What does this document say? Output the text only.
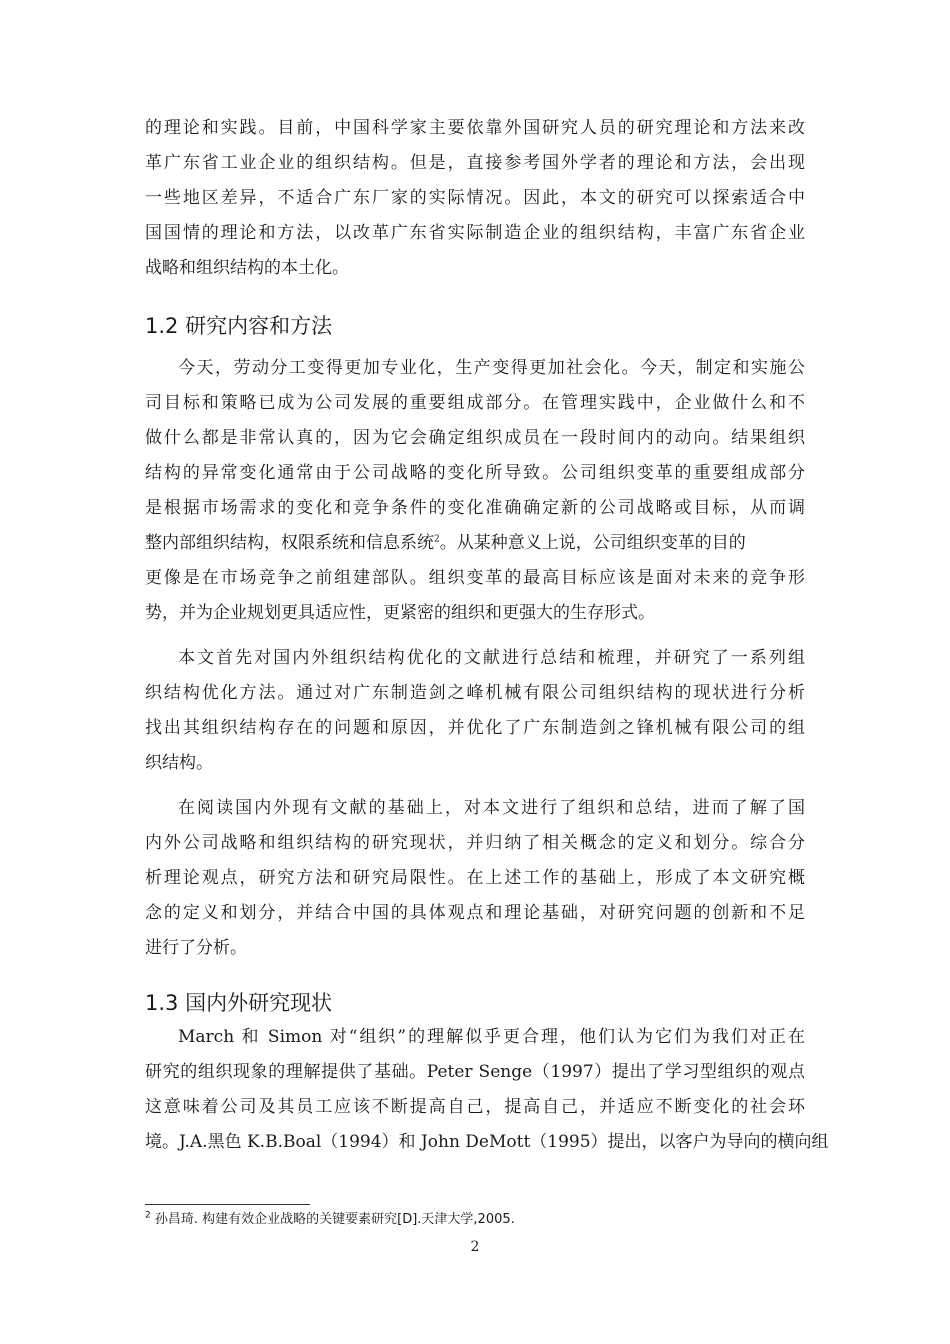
的理论和实践。目前，中国科学家主要依靠外国研究人员的研究理论和方法来改
革广东省工业企业的组织结构。但是，直接参考国外学者的理论和方法，会出现
一些地区差异，不适合广东厂家的实际情况。因此，本文的研究可以探索适合中
国国情的理论和方法，以改革广东省实际制造企业的组织结构，丰富广东省企业
战略和组织结构的本土化。
1.2 研究内容和方法
今天，劳动分工变得更加专业化，生产变得更加社会化。今天，制定和实施公
司目标和策略已成为公司发展的重要组成部分。在管理实践中，企业做什么和不
做什么都是非常认真的，因为它会确定组织成员在一段时间内的动向。结果组织
结构的异常变化通常由于公司战略的变化所导致。公司组织变革的重要组成部分
是根据市场需求的变化和竞争条件的变化准确确定新的公司战略或目标，从而调
整内部组织结构，权限系统和信息系统$^2$。从某种意义上说，公司组织变革的目的
更像是在市场竞争之前组建部队。组织变革的最高目标应该是面对未来的竞争形
势，并为企业规划更具适应性，更紧密的组织和更强大的生存形式。
本文首先对国内外组织结构优化的文献进行总结和梳理，并研究了一系列组
织结构优化方法。通过对广东制造剑之峰机械有限公司组织结构的现状进行分析
找出其组织结构存在的问题和原因，并优化了广东制造剑之锋机械有限公司的组
织结构。
在阅读国内外现有文献的基础上，对本文进行了组织和总结，进而了解了国
内外公司战略和组织结构的研究现状，并归纳了相关概念的定义和划分。综合分
析理论观点，研究方法和研究局限性。在上述工作的基础上，形成了本文研究概
念的定义和划分，并结合中国的具体观点和理论基础，对研究问题的创新和不足
进行了分析。
1.3 国内外研究现状
March 和 Simon 对“组织”的理解似乎更合理，他们认为它们为我们对正在
研究的组织现象的理解提供了基础。Peter Senge（1997）提出了学习型组织的观点
这意味着公司及其员工应该不断提高自己，提高自己，并适应不断变化的社会环
境。J.A.黑色 K.B.Boal（1994）和 John DeMott（1995）提出，以客户为导向的横向组
$^2$ 孙昌琦. 构建有效企业战略的关键要素研究[D].天津大学,2005.
2
